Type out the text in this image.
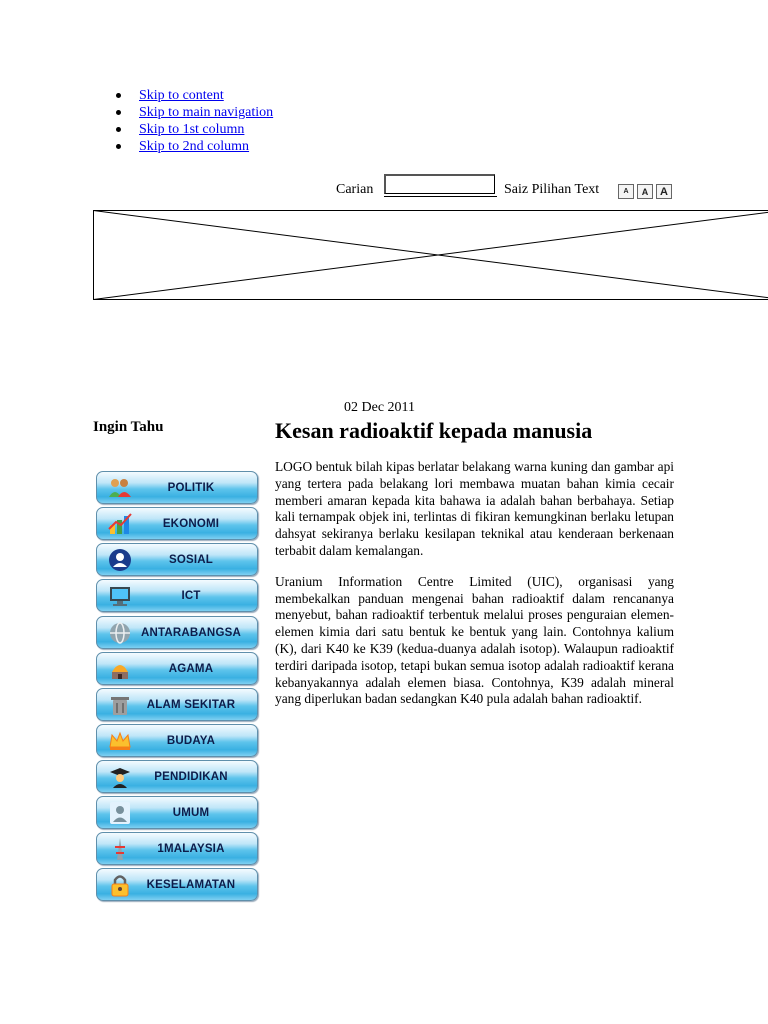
Skip to content
Skip to main navigation
Skip to 1st column
Skip to 2nd column
Carian	Saiz Pilihan Text	A	A	A
02 Dec 2011
Ingin Tahu	Kesan radioaktif kepada manusia

LOGO bentuk bilah kipas berlatar belakang warna kuning dan gambar api yang tertera pada belakang lori membawa muatan bahan kimia cecair memberi amaran kepada kita bahawa ia adalah bahan berbahaya. Setiap kali ternampak objek ini, terlintas di fikiran kemungkinan berlaku letupan dahsyat sekiranya berlaku kesilapan teknikal atau kenderaan berkenaan terbabit dalam kemalangan.

Uranium Information Centre Limited (UIC), organisasi yang membekalkan panduan mengenai bahan radioaktif dalam rencananya menyebut, bahan radioaktif terbentuk melalui proses penguraian elemen-elemen kimia dari satu bentuk ke bentuk yang lain. Contohnya kalium (K), dari K40 ke K39 (kedua-duanya adalah isotop). Walaupun radioaktif terdiri daripada isotop, tetapi bukan semua isotop adalah radioaktif kerana kebanyakannya adalah elemen biasa. Contohnya, K39 adalah mineral yang diperlukan badan sedangkan K40 pula adalah bahan radioaktif.

POLITIK
EKONOMI
SOSIAL
ICT
ANTARABANGSA
AGAMA
ALAM SEKITAR
BUDAYA
PENDIDIKAN
UMUM
1MALAYSIA
KESELAMATAN
